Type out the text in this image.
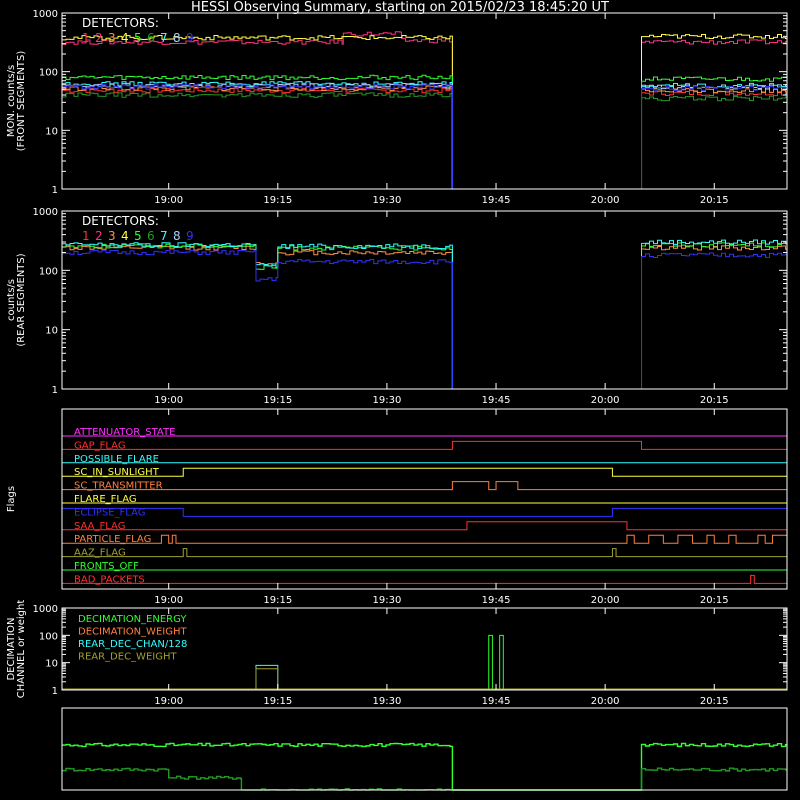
HESSI Observing Summary, starting on 2015/02/23 18:45:20 UT
19:00	19:15	19:30	19:45	20:00	20:15
1
10
100
1000
MON. counts/s (FRONT SEGMENTS)
DETECTORS:
1 2 3 4 5 6 7 8 9
19:00	19:15	19:30	19:45	20:00	20:15
1
10
100
1000
counts/s (REAR SEGMENTS)
DETECTORS:
1 2 3 4 5 6 7 8 9
ATTENUATOR_STATE
GAP_FLAG
POSSIBLE_FLARE
SC_IN_SUNLIGHT
SC_TRANSMITTER
FLARE_FLAG
ECLIPSE_FLAG
SAA_FLAG
PARTICLE_FLAG
AAZ_FLAG
FRONTS_OFF
BAD_PACKETS
19:00	19:15	19:30	19:45	20:00	20:15
Flags
19:00	19:15	19:30	19:45	20:00	20:15
1
10
100
1000
DECIMATION CHANNEL or weight	DECIMATION_ENERGY
DECIMATION_WEIGHT
REAR_DEC_CHAN/128
REAR_DEC_WEIGHT
